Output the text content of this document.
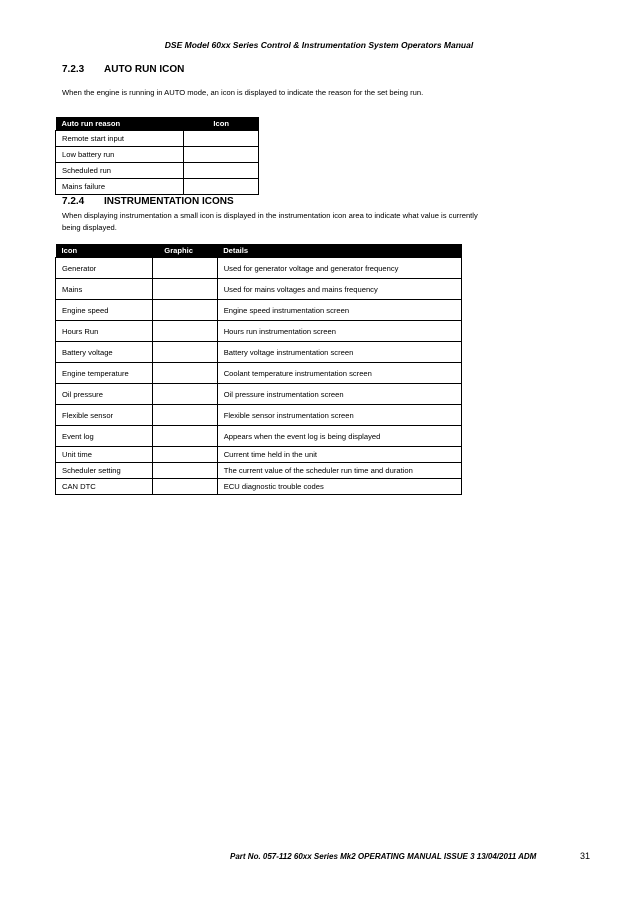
DSE Model 60xx Series Control & Instrumentation System Operators Manual
7.2.3 AUTO RUN ICON
When the engine is running in AUTO mode, an icon is displayed to indicate the reason for the set being run.
Auto run reason	Icon
Remote start input	
Low battery run	
Scheduled run	
Mains failure	
7.2.4 INSTRUMENTATION ICONS
When displaying instrumentation a small icon is displayed in the instrumentation icon area to indicate what value is currently
being displayed.
Icon	Graphic	Details
Generator		Used for generator voltage and generator frequency
Mains		Used for mains voltages and mains frequency
Engine speed		Engine speed instrumentation screen
Hours Run		Hours run instrumentation screen
Battery voltage		Battery voltage instrumentation screen
Engine temperature		Coolant temperature instrumentation screen
Oil pressure		Oil pressure instrumentation screen
Flexible sensor		Flexible sensor instrumentation screen
Event log		Appears when the event log is being displayed
Unit time		Current time held in the unit
Scheduler setting		The current value of the scheduler run time and duration
CAN DTC		ECU diagnostic trouble codes
Part No. 057-112 60xx Series Mk2 OPERATING MANUAL ISSUE 3 13/04/2011 ADM	31
